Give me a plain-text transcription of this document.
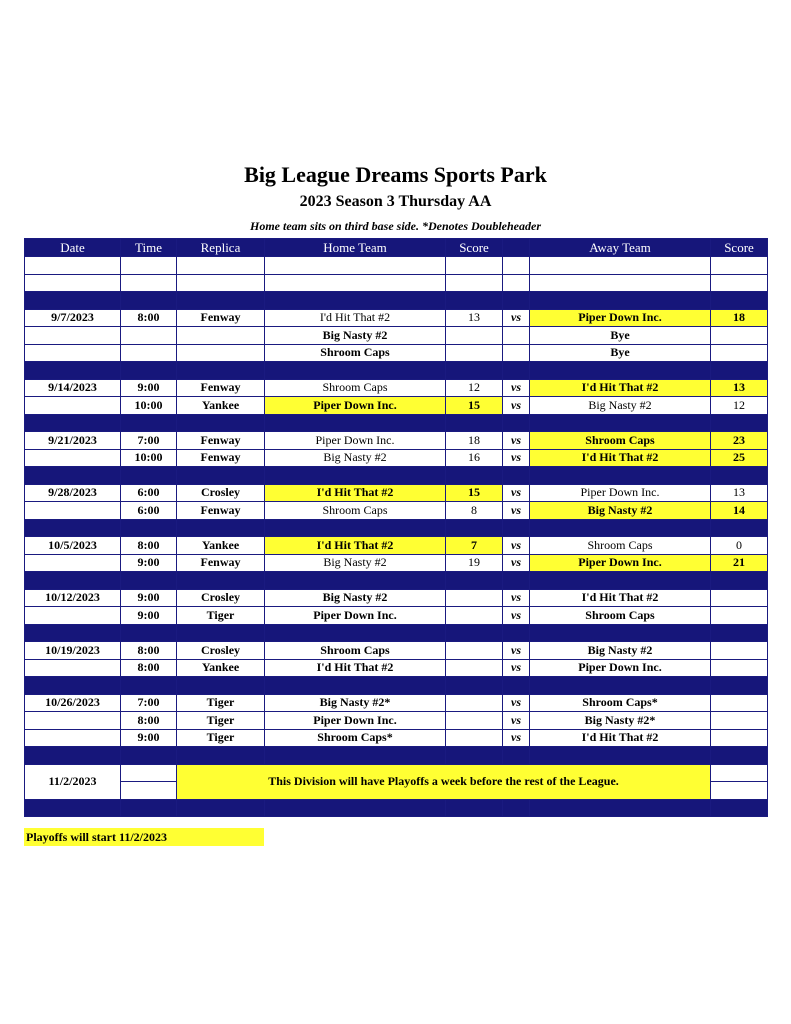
Big League Dreams Sports Park
2023 Season 3 Thursday AA
Home team sits on third base side. *Denotes Doubleheader
Date	Time	Replica	Home Team	Score		Away Team	Score

9/7/2023	8:00	Fenway	I'd Hit That #2	13	vs	Piper Down Inc.	18
			Big Nasty #2			Bye	
			Shroom Caps			Bye	

9/14/2023	9:00	Fenway	Shroom Caps	12	vs	I'd Hit That #2	13
	10:00	Yankee	Piper Down Inc.	15	vs	Big Nasty #2	12

9/21/2023	7:00	Fenway	Piper Down Inc.	18	vs	Shroom Caps	23
	10:00	Fenway	Big Nasty #2	16	vs	I'd Hit That #2	25

9/28/2023	6:00	Crosley	I'd Hit That #2	15	vs	Piper Down Inc.	13
	6:00	Fenway	Shroom Caps	8	vs	Big Nasty #2	14

10/5/2023	8:00	Yankee	I'd Hit That #2	7	vs	Shroom Caps	0
	9:00	Fenway	Big Nasty #2	19	vs	Piper Down Inc.	21

10/12/2023	9:00	Crosley	Big Nasty #2		vs	I'd Hit That #2	
	9:00	Tiger	Piper Down Inc.		vs	Shroom Caps	

10/19/2023	8:00	Crosley	Shroom Caps		vs	Big Nasty #2	
	8:00	Yankee	I'd Hit That #2		vs	Piper Down Inc.	

10/26/2023	7:00	Tiger	Big Nasty #2*		vs	Shroom Caps*	
	8:00	Tiger	Piper Down Inc.		vs	Big Nasty #2*	
	9:00	Tiger	Shroom Caps*		vs	I'd Hit That #2	

11/2/2023		This Division will have Playoffs a week before the rest of the League.					

Playoffs will start 11/2/2023
